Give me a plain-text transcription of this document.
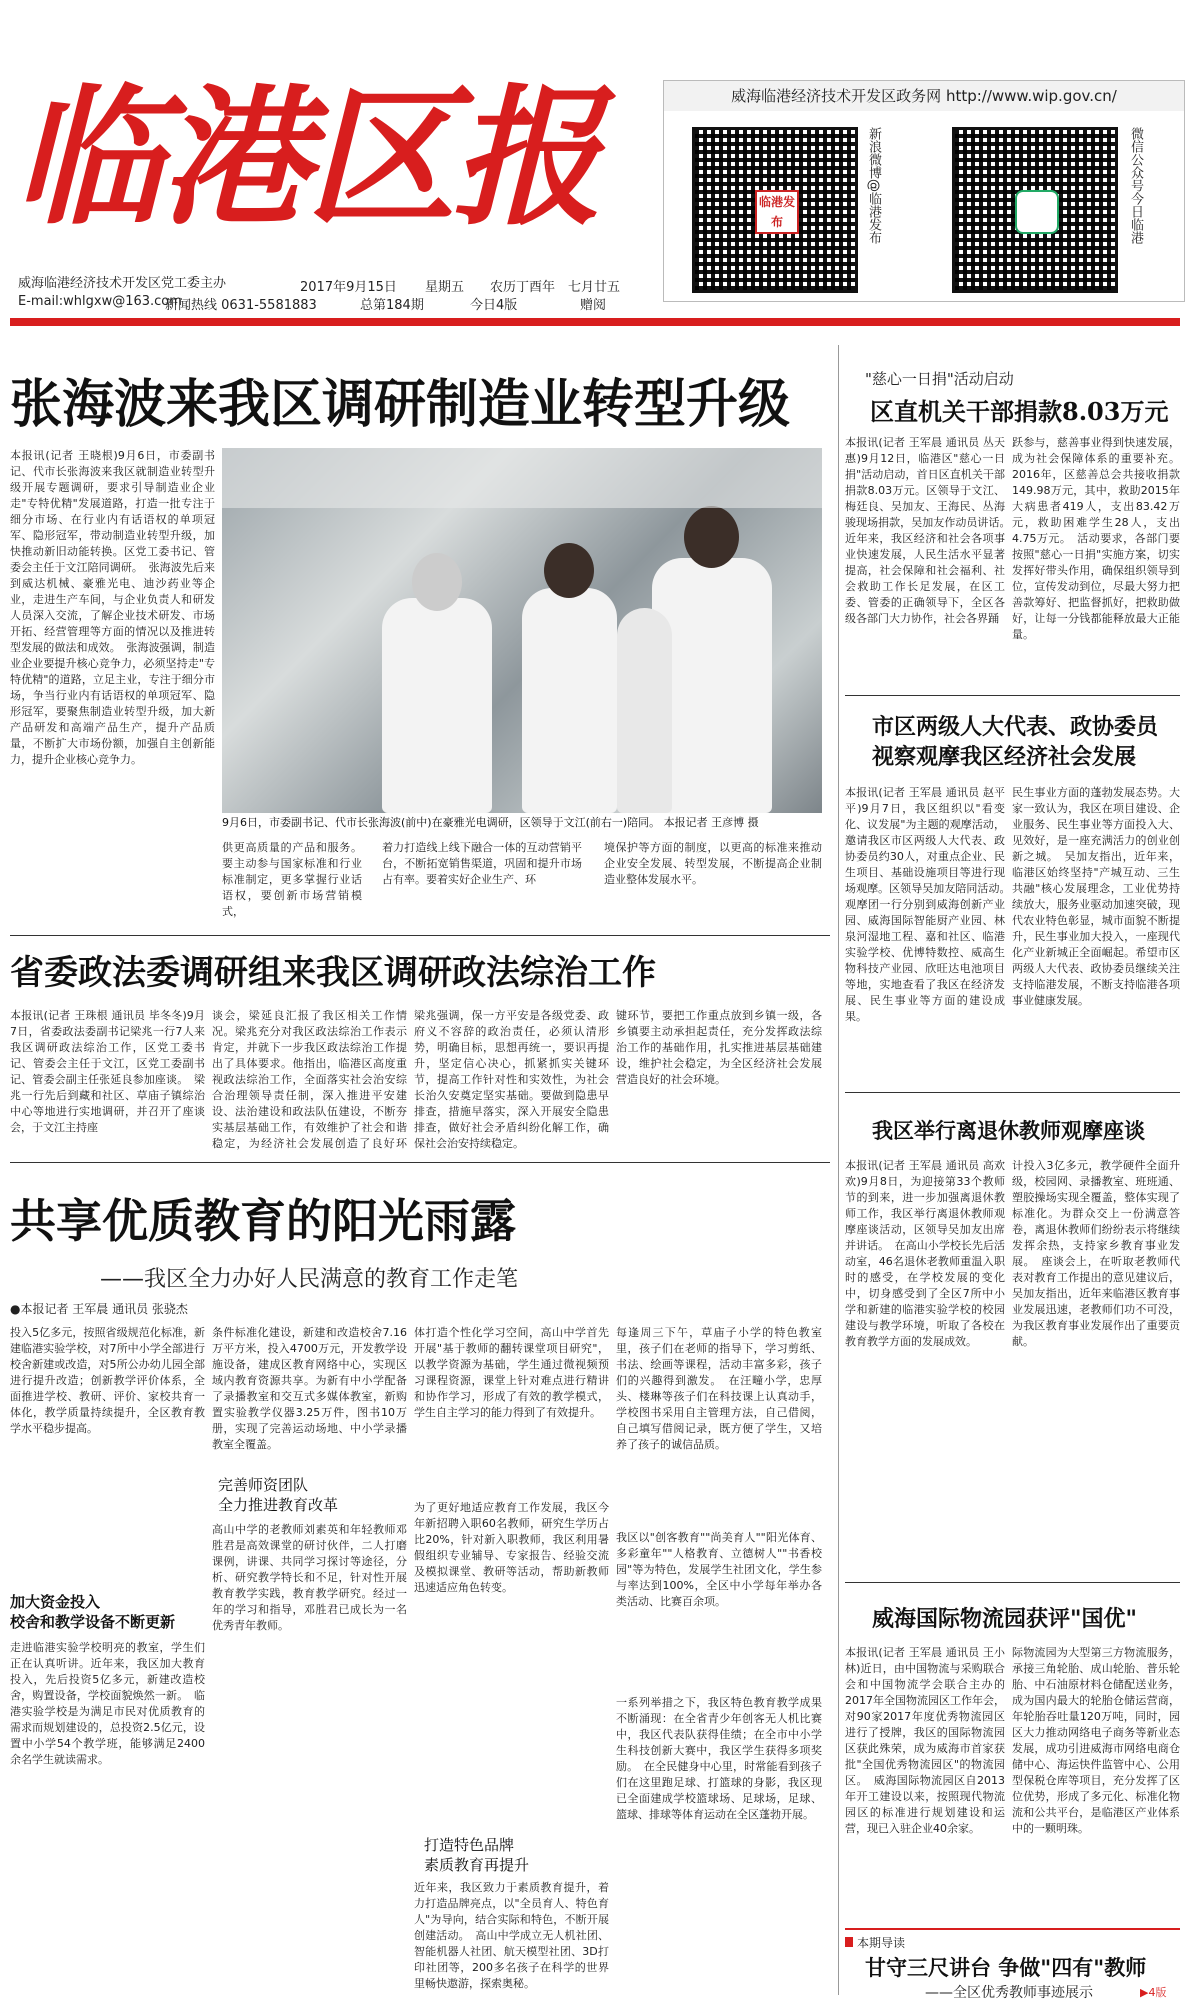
临港区报	威海临港经济技术开发区政务网 http://www.wip.gov.cn/
临港发布	新浪微博@临港发布	微信公众号今日临港
威海临港经济技术开发区党工委主办
E-mail:whlgxw@163.com
新闻热线 0631-5581883
2017年9月15日 星期五 农历丁酉年　七月廿五
总第184期	今日4版	赠阅
张海波来我区调研制造业转型升级
本报讯(记者 王晓根)9月6日，市委副书记、代市长张海波来我区就制造业转型升级开展专题调研，要求引导制造业企业走"专特优精"发展道路，打造一批专注于细分市场、在行业内有话语权的单项冠军、隐形冠军，带动制造业转型升级，加快推动新旧动能转换。区党工委书记、管委会主任于文江陪同调研。　张海波先后来到威达机械、豪雅光电、迪沙药业等企业，走进生产车间，与企业负责人和研发人员深入交流，了解企业技术研发、市场开拓、经营管理等方面的情况以及推进转型发展的做法和成效。　张海波强调，制造业企业要提升核心竞争力，必须坚持走"专特优精"的道路，立足主业，专注于细分市场，争当行业内有话语权的单项冠军、隐形冠军，要聚焦制造业转型升级，加大新产品研发和高端产品生产，提升产品质量，不断扩大市场份额，加强自主创新能力，提升企业核心竞争力。
9月6日，市委副书记、代市长张海波(前中)在豪雅光电调研，区领导于文江(前右一)陪同。 本报记者 王彦博 摄
供更高质量的产品和服务。要主动参与国家标准和行业标准制定，更多掌握行业话语权，要创新市场营销模式，
着力打造线上线下融合一体的互动营销平台，不断拓宽销售渠道，巩固和提升市场占有率。要着实好企业生产、环
境保护等方面的制度，以更高的标准来推动企业安全发展、转型发展，不断提高企业制造业整体发展水平。
省委政法委调研组来我区调研政法综治工作
本报讯(记者 王珠根 通讯员 毕冬冬)9月7日，省委政法委副书记梁兆一行7人来我区调研政法综治工作，区党工委书记、管委会主任于文江，区党工委副书记、管委会副主任张延良参加座谈。　梁兆一行先后到藏和社区、草庙子镇综治中心等地进行实地调研，并召开了座谈会，于文江主持座
谈会，梁延良汇报了我区相关工作情况。梁兆充分对我区政法综治工作表示肯定，并就下一步我区政法综治工作提出了具体要求。他指出，临港区高度重视政法综治工作，全面落实社会治安综合治理领导责任制，深入推进平安建设、法治建设和政法队伍建设，不断夯实基层基础工作，有效维护了社会和谐稳定，为经济社会发展创造了良好环
梁兆强调，保一方平安是各级党委、政府义不容辞的政治责任，必须认清形势，明确目标，思想再统一，要识再提升，坚定信心决心，抓紧抓实关键环节，提高工作针对性和实效性，为社会长治久安奠定坚实基础。要做到隐患早排查，措施早落实，深入开展安全隐患排查，做好社会矛盾纠纷化解工作，确保社会治安持续稳定。
键环节，要把工作重点放到乡镇一级，各乡镇要主动承担起责任，充分发挥政法综治工作的基础作用，扎实推进基层基础建设，维护社会稳定，为全区经济社会发展营造良好的社会环境。
共享优质教育的阳光雨露
——我区全力办好人民满意的教育工作走笔
●本报记者 王军晨 通讯员 张骁杰
投入5亿多元，按照省级规范化标准，新建临港实验学校，对7所中小学全部进行校舍新建或改造，对5所公办幼儿园全部进行提升改造；创新教学评价体系，全面推进学校、教研、评价、家校共育一体化，教学质量持续提升，全区教育教学水平稳步提高。
加大资金投入
校舍和教学设备不断更新
走进临港实验学校明亮的教室，学生们正在认真听讲。近年来，我区加大教育投入，先后投资5亿多元，新建改造校舍，购置设备，学校面貌焕然一新。　临港实验学校是为满足市民对优质教育的需求而规划建设的，总投资2.5亿元，设置中小学54个教学班，能够满足2400余名学生就读需求。
条件标准化建设，新建和改造校舍7.16万平方米，投入4700万元，开发教学设施设备，建成区教育网络中心，实现区域内教育资源共享。为新有中小学配备了录播教室和交互式多媒体教室，新购置实验教学仪器3.25万件，图书10万册，实现了完善运动场地、中小学录播教室全覆盖。
完善师资团队
全力推进教育改革
高山中学的老教师刘素英和年轻教师邓胜君是高效课堂的研讨伙伴，二人打磨课例，讲课、共同学习探讨等途径，分析、研究教学特长和不足，针对性开展教育教学实践，教育教学研究。经过一年的学习和指导，邓胜君已成长为一名优秀青年教师。
体打造个性化学习空间，高山中学首先开展"基于教师的翻转课堂项目研究"，以教学资源为基础，学生通过微视频预习课程资源，课堂上针对难点进行精讲和协作学习，形成了有效的教学模式，学生自主学习的能力得到了有效提升。
为了更好地适应教育工作发展，我区今年新招聘入职60名教师，研究生学历占比20%，针对新入职教师，我区利用暑假组织专业辅导、专家报告、经验交流及模拟课堂、教研等活动，帮助新教师迅速适应角色转变。
打造特色品牌
素质教育再提升
近年来，我区致力于素质教育提升，着力打造品牌亮点，以"全员育人、特色育人"为导向，结合实际和特色，不断开展创建活动。　高山中学成立无人机社团、智能机器人社团、航天模型社团、3D打印社团等，200多名孩子在科学的世界里畅快遨游，探索奥秘。
每逢周三下午，草庙子小学的特色教室里，孩子们在老师的指导下，学习剪纸、书法、绘画等课程，活动丰富多彩，孩子们的兴趣得到激发。　在汪疃小学，忠厚头、楼琳等孩子们在科技课上认真动手，学校图书采用自主管理方法，自己借阅，自己填写借阅记录，既方便了学生，又培养了孩子的诚信品质。
我区以"创客教育""尚美育人""阳光体育、多彩童年""人格教育、立德树人""书香校园"等为特色，发展学生社团文化，学生参与率达到100%，全区中小学每年举办各类活动、比赛百余项。
一系列举措之下，我区特色教育教学成果不断涌现：在全省青少年创客无人机比赛中，我区代表队获得佳绩；在全市中小学生科技创新大赛中，我区学生获得多项奖励。　在全民健身中心里，时常能看到孩子们在这里跑足球、打篮球的身影，我区现已全面建成学校篮球场、足球场，足球、篮球、排球等体育运动在全区蓬勃开展。
"慈心一日捐"活动启动
区直机关干部捐款8.03万元
本报讯(记者 王军晨 通讯员 丛天惠)9月12日，临港区"慈心一日捐"活动启动，首日区直机关干部捐款8.03万元。区领导于文江、梅廷良、吴加友、王海民、丛海骏现场捐款，吴加友作动员讲话。　近年来，我区经济和社会各项事业快速发展，人民生活水平显著提高，社会保障和社会福利、社会救助工作长足发展，在区工委、管委的正确领导下，全区各级各部门大力协作，社会各界踊
跃参与，慈善事业得到快速发展，成为社会保障体系的重要补充。2016年，区慈善总会共接收捐款149.98万元，其中，救助2015年大病患者419人，支出83.42万元，救助困难学生28人，支出4.75万元。　活动要求，各部门要按照"慈心一日捐"实施方案，切实发挥好带头作用，确保组织领导到位，宣传发动到位，尽最大努力把善款筹好、把监督抓好，把救助做好，让每一分钱都能释放最大正能量。
市区两级人大代表、政协委员
视察观摩我区经济社会发展
本报讯(记者 王军晨 通讯员 赵平平)9月7日，我区组织以"看变化、议发展"为主题的观摩活动，邀请我区市区两级人大代表、政协委员约30人，对重点企业、民生项目、基础设施项目等进行现场观摩。区领导吴加友陪同活动。　观摩团一行分别到威海创新产业园、威海国际智能厨产业园、林泉河湿地工程、嘉和社区、临港实验学校、优博特数控、威高生物科技产业园、欣旺达电池项目等地，实地查看了我区在经济发展、民生事业等方面的建设成果。
民生事业方面的蓬勃发展态势。大家一致认为，我区在项目建设、企业服务、民生事业等方面投入大、见效好，是一座充满活力的创业创新之城。　吴加友指出，近年来，临港区始终坚持"产城互动、三生共融"核心发展理念，工业优势持续放大，服务业驱动加速突破，现代农业特色彰显，城市面貌不断提升，民生事业加大投入，一座现代化产业新城正全面崛起。希望市区两级人大代表、政协委员继续关注支持临港发展，不断支持临港各项事业健康发展。
我区举行离退休教师观摩座谈
本报讯(记者 王军晨 通讯员 高欢欢)9月8日，为迎接第33个教师节的到来，进一步加强离退休教师工作，我区举行离退休教师观摩座谈活动，区领导吴加友出席并讲话。　在高山小学校长先后活动室，46名退休老教师重温入职时的感受，在学校发展的变化中，切身感受到了全区7所中小学和新建的临港实验学校的校园建设与教学环境，听取了各校在教育教学方面的发展成效。
计投入3亿多元，教学硬件全面升级，校园网、录播教室、班班通、塑胶操场实现全覆盖，整体实现了标准化。为群众交上一份满意答卷，离退休教师们纷纷表示将继续发挥余热，支持家乡教育事业发展。　座谈会上，在听取老教师代表对教育工作提出的意见建议后，吴加友指出，近年来临港区教育事业发展迅速，老教师们功不可没，为我区教育事业发展作出了重要贡献。
威海国际物流园获评"国优"
本报讯(记者 王军晨 通讯员 王小林)近日，由中国物流与采购联合会和中国物流学会联合主办的2017年全国物流园区工作年会，对90家2017年度优秀物流园区进行了授牌，我区的国际物流园区获此殊荣，成为威海市首家获批"全国优秀物流园区"的物流园区。　威海国际物流园区自2013年开工建设以来，按照现代物流园区的标准进行规划建设和运营，现已入驻企业40余家。
际物流园为大型第三方物流服务，承接三角轮胎、成山轮胎、普乐轮胎、中石油原材料仓储配送业务，成为国内最大的轮胎仓储运营商，年轮胎吞吐量120万吨，同时，园区大力推动网络电子商务等新业态发展，成功引进威海市网络电商仓储中心、海运快件监管中心、公用型保税仓库等项目，充分发挥了区位优势，形成了多元化、标准化物流和公共平台，是临港区产业体系中的一颗明珠。
本期导读
甘守三尺讲台 争做"四有"教师
——全区优秀教师事迹展示	▶4版
